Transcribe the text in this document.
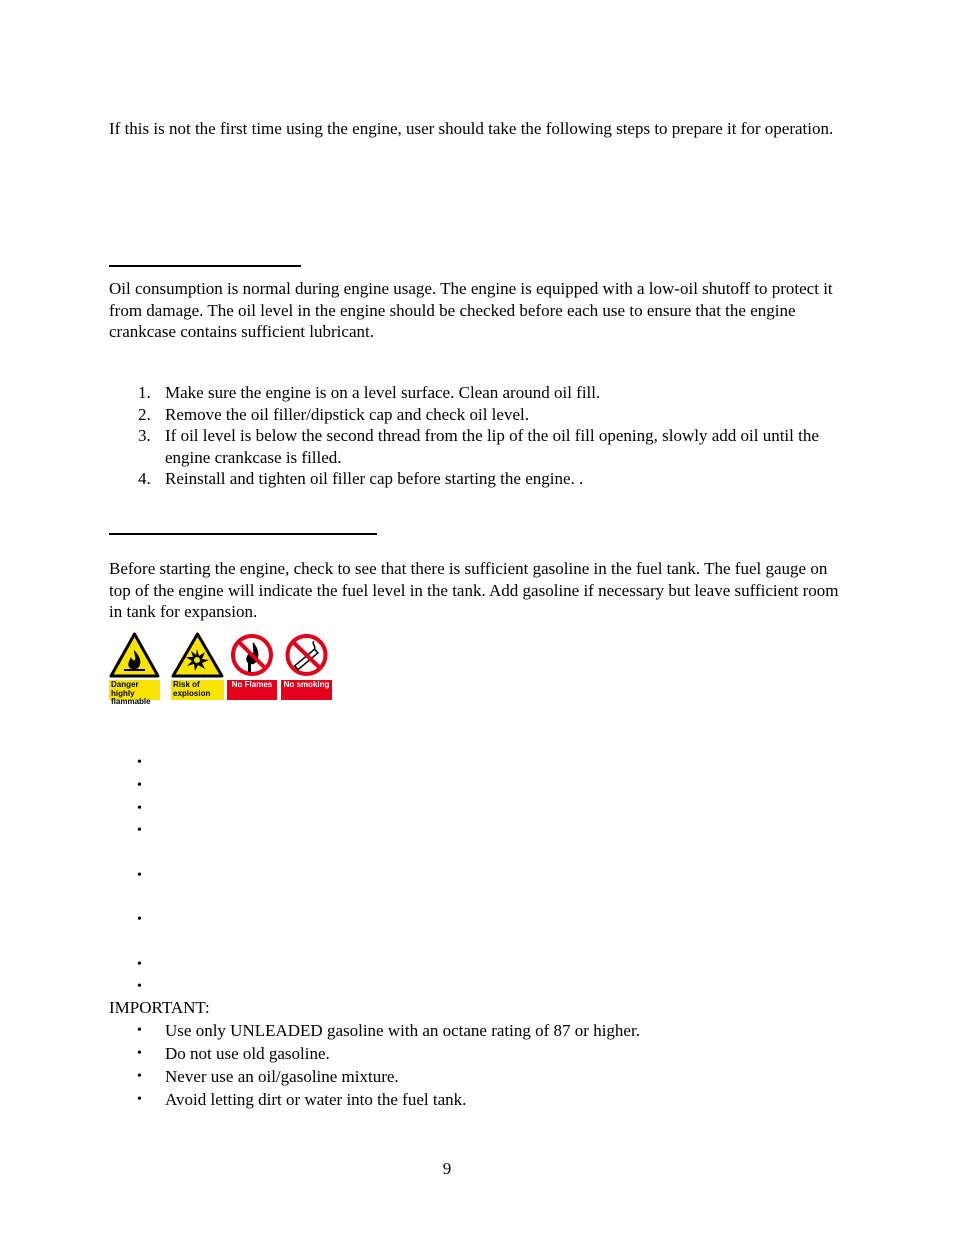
If this is not the first time using the engine, user should take the following steps to prepare it for operation.

Oil consumption is normal during engine usage. The engine is equipped with a low-oil shutoff to protect it from damage. The oil level in the engine should be checked before each use to ensure that the engine crankcase contains sufficient lubricant.

1. Make sure the engine is on a level surface. Clean around oil fill.
2. Remove the oil filler/dipstick cap and check oil level.
3. If oil level is below the second thread from the lip of the oil fill opening, slowly add oil until the engine crankcase is filled.
4. Reinstall and tighten oil filler cap before starting the engine. .

Before starting the engine, check to see that there is sufficient gasoline in the fuel tank. The fuel gauge on top of the engine will indicate the fuel level in the tank. Add gasoline if necessary but leave sufficient room in tank for expansion.

Danger highly flammable
Risk of explosion
No Flames	No smoking
•
•
•
•
•
•
•
•

IMPORTANT:

• Use only UNLEADED gasoline with an octane rating of 87 or higher.
• Do not use old gasoline.
• Never use an oil/gasoline mixture.
• Avoid letting dirt or water into the fuel tank.

9
